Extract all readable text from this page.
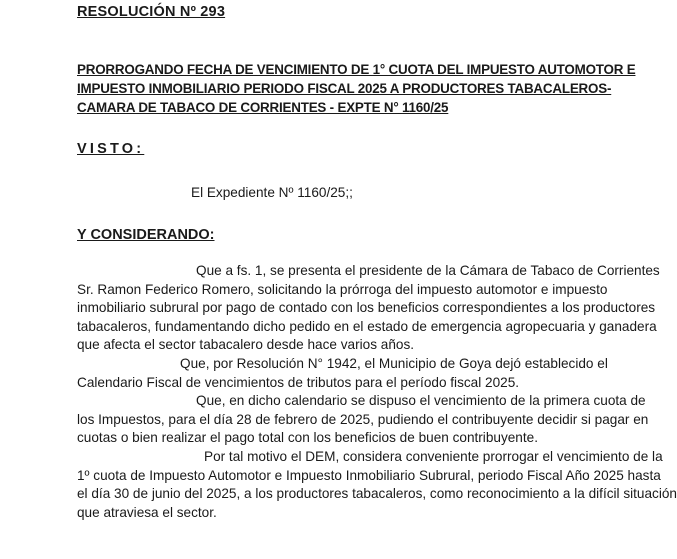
RESOLUCIÓN Nº 293
PRORROGANDO FECHA DE VENCIMIENTO DE 1° CUOTA DEL IMPUESTO AUTOMOTOR E
IMPUESTO INMOBILIARIO PERIODO FISCAL 2025 A PRODUCTORES TABACALEROS-
CAMARA DE TABACO DE CORRIENTES - EXPTE N° 1160/25
VISTO:
El Expediente Nº 1160/25;;
Y CONSIDERANDO:

Que a fs. 1, se presenta el presidente de la Cámara de Tabaco de Corrientes
Sr. Ramon Federico Romero, solicitando la prórroga del impuesto automotor e impuesto
inmobiliario subrural por pago de contado con los beneficios correspondientes a los productores
tabacaleros, fundamentando dicho pedido en el estado de emergencia agropecuaria y ganadera
que afecta el sector tabacalero desde hace varios años.

Que, por Resolución N° 1942, el Municipio de Goya dejó establecido el
Calendario Fiscal de vencimientos de tributos para el período fiscal 2025.

Que, en dicho calendario se dispuso el vencimiento de la primera cuota de
los Impuestos, para el día 28 de febrero de 2025, pudiendo el contribuyente decidir si pagar en
cuotas o bien realizar el pago total con los beneficios de buen contribuyente.

Por tal motivo el DEM, considera conveniente prorrogar el vencimiento de la
1º cuota de Impuesto Automotor e Impuesto Inmobiliario Subrural, periodo Fiscal Año 2025 hasta
el día 30 de junio del 2025, a los productores tabacaleros, como reconocimiento a la difícil situación
que atraviesa el sector.
